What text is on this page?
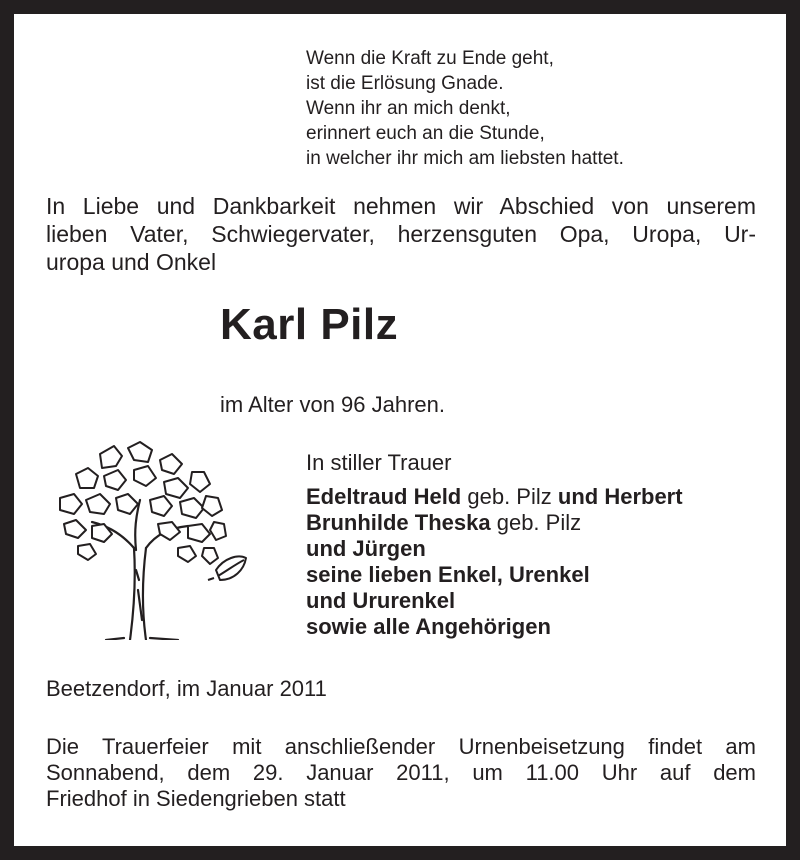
Wenn die Kraft zu Ende geht,
ist die Erlösung Gnade.
Wenn ihr an mich denkt,
erinnert euch an die Stunde,
in welcher ihr mich am liebsten hattet.
In Liebe und Dankbarkeit nehmen wir Abschied von unserem
lieben Vater, Schwiegervater, herzensguten Opa, Uropa, Ur-
uropa und Onkel
Karl Pilz
im Alter von 96 Jahren.
In stiller Trauer
Edeltraud Held geb. Pilz und Herbert
Brunhilde Theska geb. Pilz
und Jürgen
seine lieben Enkel, Urenkel
und Ururenkel
sowie alle Angehörigen
Beetzendorf, im Januar 2011
Die Trauerfeier mit anschließender Urnenbeisetzung findet am
Sonnabend, dem 29. Januar 2011, um 11.00 Uhr auf dem
Friedhof in Siedengrieben statt
